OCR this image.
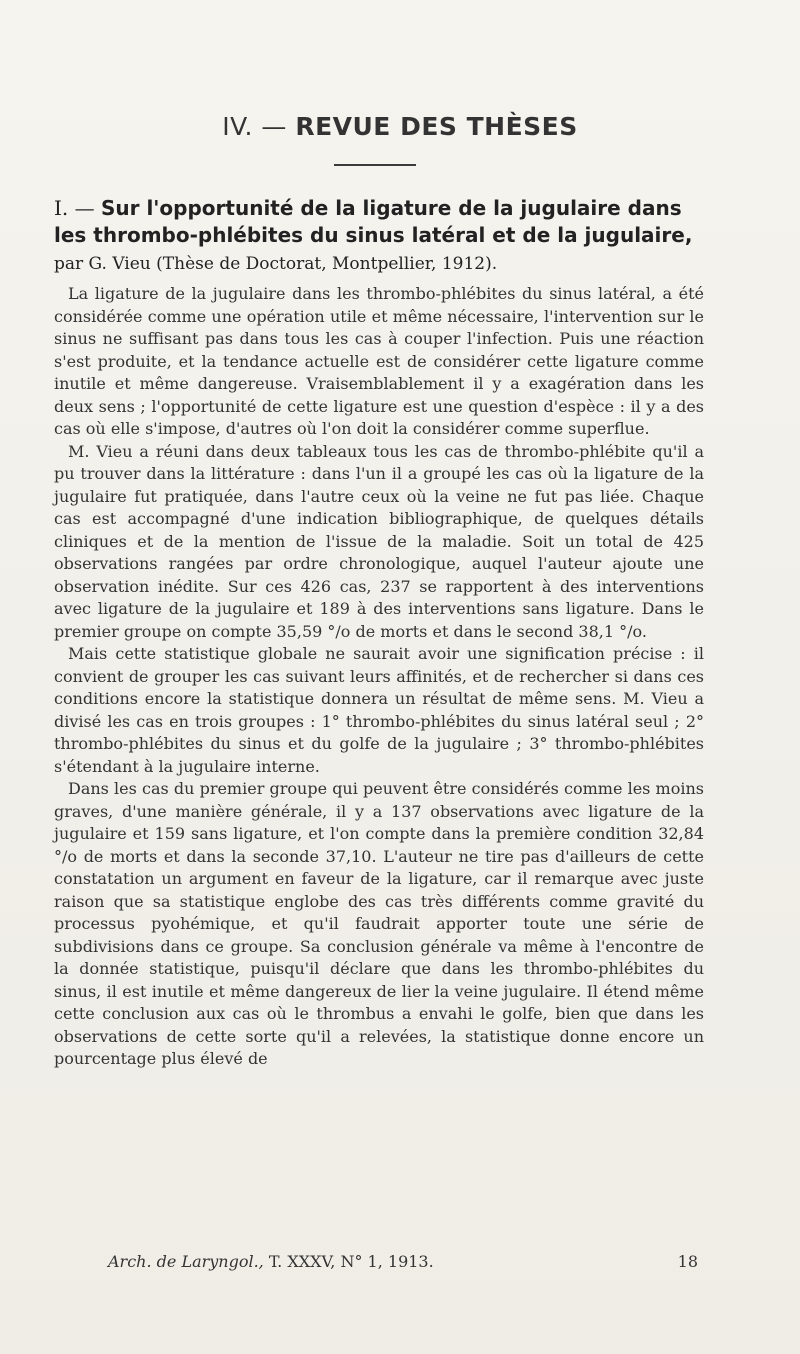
IV. — REVUE DES THÈSES
I. — Sur l'opportunité de la ligature de la jugulaire dans les thrombo-phlébites du sinus latéral et de la jugulaire, par G. Vieu (Thèse de Doctorat, Montpellier, 1912).

La ligature de la jugulaire dans les thrombo-phlébites du sinus latéral, a été considérée comme une opération utile et même nécessaire, l'intervention sur le sinus ne suffisant pas dans tous les cas à couper l'infection. Puis une réaction s'est produite, et la tendance actuelle est de considérer cette ligature comme inutile et même dangereuse. Vraisemblablement il y a exagération dans les deux sens ; l'opportunité de cette ligature est une question d'espèce : il y a des cas où elle s'impose, d'autres où l'on doit la considérer comme superflue.

M. Vieu a réuni dans deux tableaux tous les cas de thrombo-phlébite qu'il a pu trouver dans la littérature : dans l'un il a groupé les cas où la ligature de la jugulaire fut pratiquée, dans l'autre ceux où la veine ne fut pas liée. Chaque cas est accompagné d'une indication bibliographique, de quelques détails cliniques et de la mention de l'issue de la maladie. Soit un total de 425 observations rangées par ordre chronologique, auquel l'auteur ajoute une observation inédite. Sur ces 426 cas, 237 se rapportent à des interventions avec ligature de la jugulaire et 189 à des interventions sans ligature. Dans le premier groupe on compte 35,59 °/o de morts et dans le second 38,1 °/o.

Mais cette statistique globale ne saurait avoir une signification précise : il convient de grouper les cas suivant leurs affinités, et de rechercher si dans ces conditions encore la statistique donnera un résultat de même sens. M. Vieu a divisé les cas en trois groupes : 1° thrombo-phlébites du sinus latéral seul ; 2° thrombo-phlébites du sinus et du golfe de la jugulaire ; 3° thrombo-phlébites s'étendant à la jugulaire interne.

Dans les cas du premier groupe qui peuvent être considérés comme les moins graves, d'une manière générale, il y a 137 observations avec ligature de la jugulaire et 159 sans ligature, et l'on compte dans la première condition 32,84 °/o de morts et dans la seconde 37,10. L'auteur ne tire pas d'ailleurs de cette constatation un argument en faveur de la ligature, car il remarque avec juste raison que sa statistique englobe des cas très différents comme gravité du processus pyohémique, et qu'il faudrait apporter toute une série de subdivisions dans ce groupe. Sa conclusion générale va même à l'encontre de la donnée statistique, puisqu'il déclare que dans les thrombo-phlébites du sinus, il est inutile et même dangereux de lier la veine jugulaire. Il étend même cette conclusion aux cas où le thrombus a envahi le golfe, bien que dans les observations de cette sorte qu'il a relevées, la statistique donne encore un pourcentage plus élevé de

Arch. de Laryngol., T. XXXV, N° 1, 1913.	18
